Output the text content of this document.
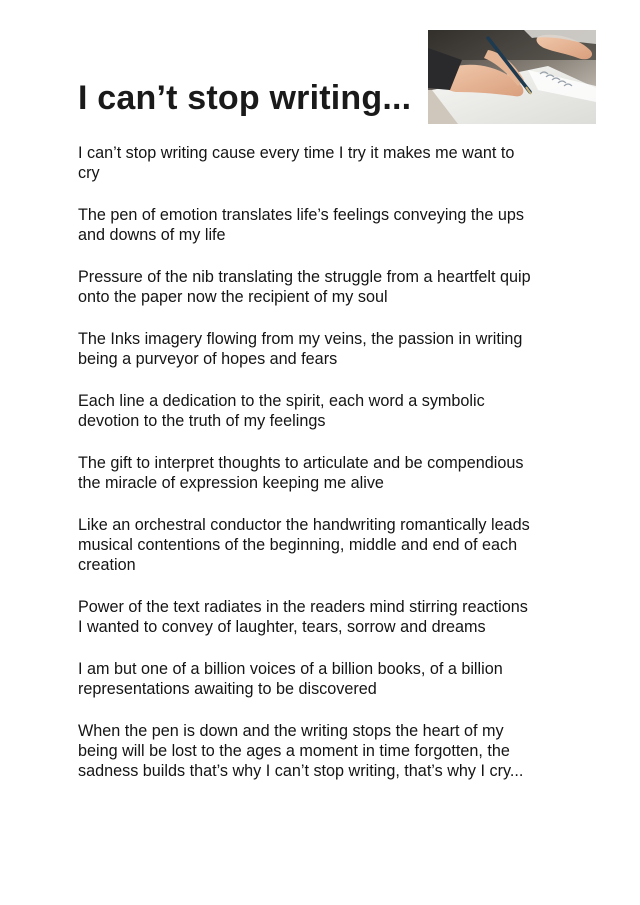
I can’t stop writing...

I can’t stop writing cause every time I try it makes me want to
cry

The pen of emotion translates life’s feelings conveying the ups
and downs of my life

Pressure of the nib translating the struggle from a heartfelt quip
onto the paper now the recipient of my soul

The Inks imagery flowing from my veins, the passion in writing
being a purveyor of hopes and fears

Each line a dedication to the spirit, each word a symbolic
devotion to the truth of my feelings

The gift to interpret thoughts to articulate and be compendious
the miracle of expression keeping me alive

Like an orchestral conductor the handwriting romantically leads
musical contentions of the beginning, middle and end of each
creation

Power of the text radiates in the readers mind stirring reactions
I wanted to convey of laughter, tears, sorrow and dreams

I am but one of a billion voices of a billion books, of a billion
representations awaiting to be discovered

When the pen is down and the writing stops the heart of my
being will be lost to the ages a moment in time forgotten, the
sadness builds that’s why I can’t stop writing, that’s why I cry...
